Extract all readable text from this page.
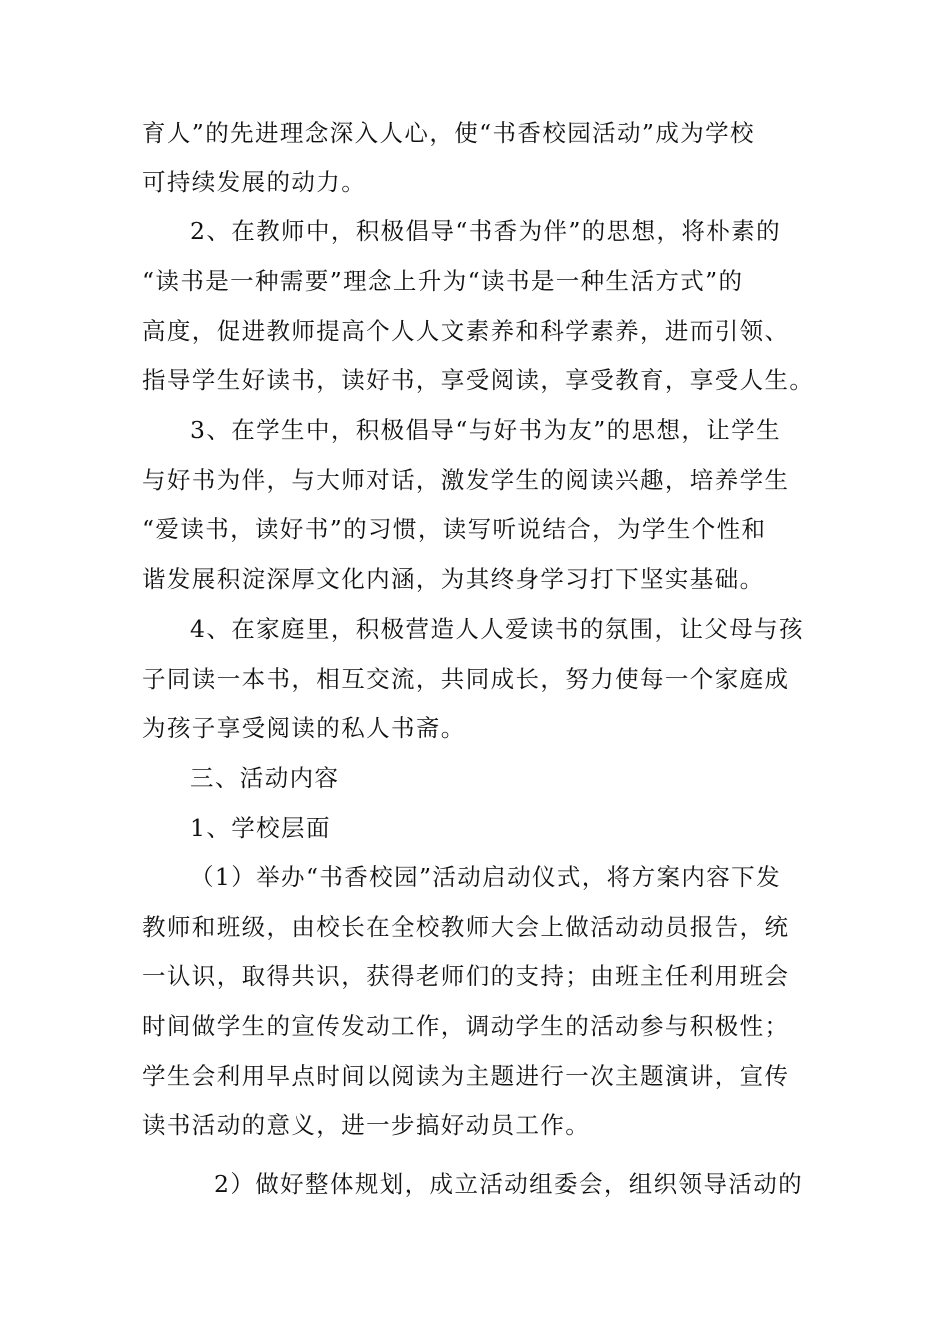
育人”的先进理念深入人心，使“书香校园活动”成为学校
可持续发展的动力。
2、在教师中，积极倡导“书香为伴”的思想，将朴素的
“读书是一种需要”理念上升为“读书是一种生活方式”的
高度，促进教师提高个人人文素养和科学素养，进而引领、
指导学生好读书，读好书，享受阅读，享受教育，享受人生。
3、在学生中，积极倡导“与好书为友”的思想，让学生
与好书为伴，与大师对话，激发学生的阅读兴趣，培养学生
“爱读书，读好书”的习惯，读写听说结合，为学生个性和
谐发展积淀深厚文化内涵，为其终身学习打下坚实基础。
4、在家庭里，积极营造人人爱读书的氛围，让父母与孩
子同读一本书，相互交流，共同成长，努力使每一个家庭成
为孩子享受阅读的私人书斋。
三、活动内容
1、学校层面
（1）举办“书香校园”活动启动仪式，将方案内容下发
教师和班级，由校长在全校教师大会上做活动动员报告，统
一认识，取得共识，获得老师们的支持；由班主任利用班会
时间做学生的宣传发动工作，调动学生的活动参与积极性；
学生会利用早点时间以阅读为主题进行一次主题演讲，宣传
读书活动的意义，进一步搞好动员工作。
2）做好整体规划，成立活动组委会，组织领导活动的
